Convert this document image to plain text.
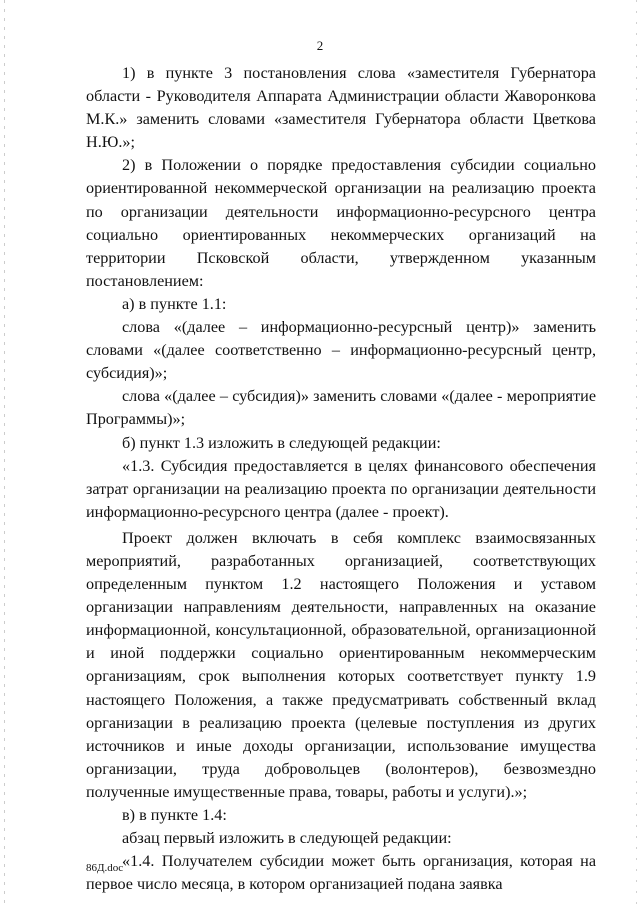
2

1) в пункте 3 постановления слова «заместителя Губернатора области - Руководителя Аппарата Администрации области Жаворонкова М.К.» заменить словами «заместителя Губернатора области Цветкова Н.Ю.»;

2) в Положении о порядке предоставления субсидии социально ориентированной некоммерческой организации на реализацию проекта по организации деятельности информационно-ресурсного центра социально ориентированных некоммерческих организаций на территории Псковской области, утвержденном указанным постановлением:

а) в пункте 1.1:

слова «(далее – информационно-ресурсный центр)» заменить словами «(далее соответственно – информационно-ресурсный центр, субсидия)»;

слова «(далее – субсидия)» заменить словами «(далее - мероприятие Программы)»;

б) пункт 1.3 изложить в следующей редакции:

«1.3. Субсидия предоставляется в целях финансового обеспечения затрат организации на реализацию проекта по организации деятельности информационно-ресурсного центра (далее - проект).

Проект должен включать в себя комплекс взаимосвязанных мероприятий, разработанных организацией, соответствующих определенным пунктом 1.2 настоящего Положения и уставом организации направлениям деятельности, направленных на оказание информационной, консультационной, образовательной, организационной и иной поддержки социально ориентированным некоммерческим организациям, срок выполнения которых соответствует пункту 1.9 настоящего Положения, а также предусматривать собственный вклад организации в реализацию проекта (целевые поступления из других источников и иные доходы организации, использование имущества организации, труда добровольцев (волонтеров), безвозмездно полученные имущественные права, товары, работы и услуги).»;

в) в пункте 1.4:

абзац первый изложить в следующей редакции:

«1.4. Получателем субсидии может быть организация, которая на первое число месяца, в котором организацией подана заявка

86Д.doc
